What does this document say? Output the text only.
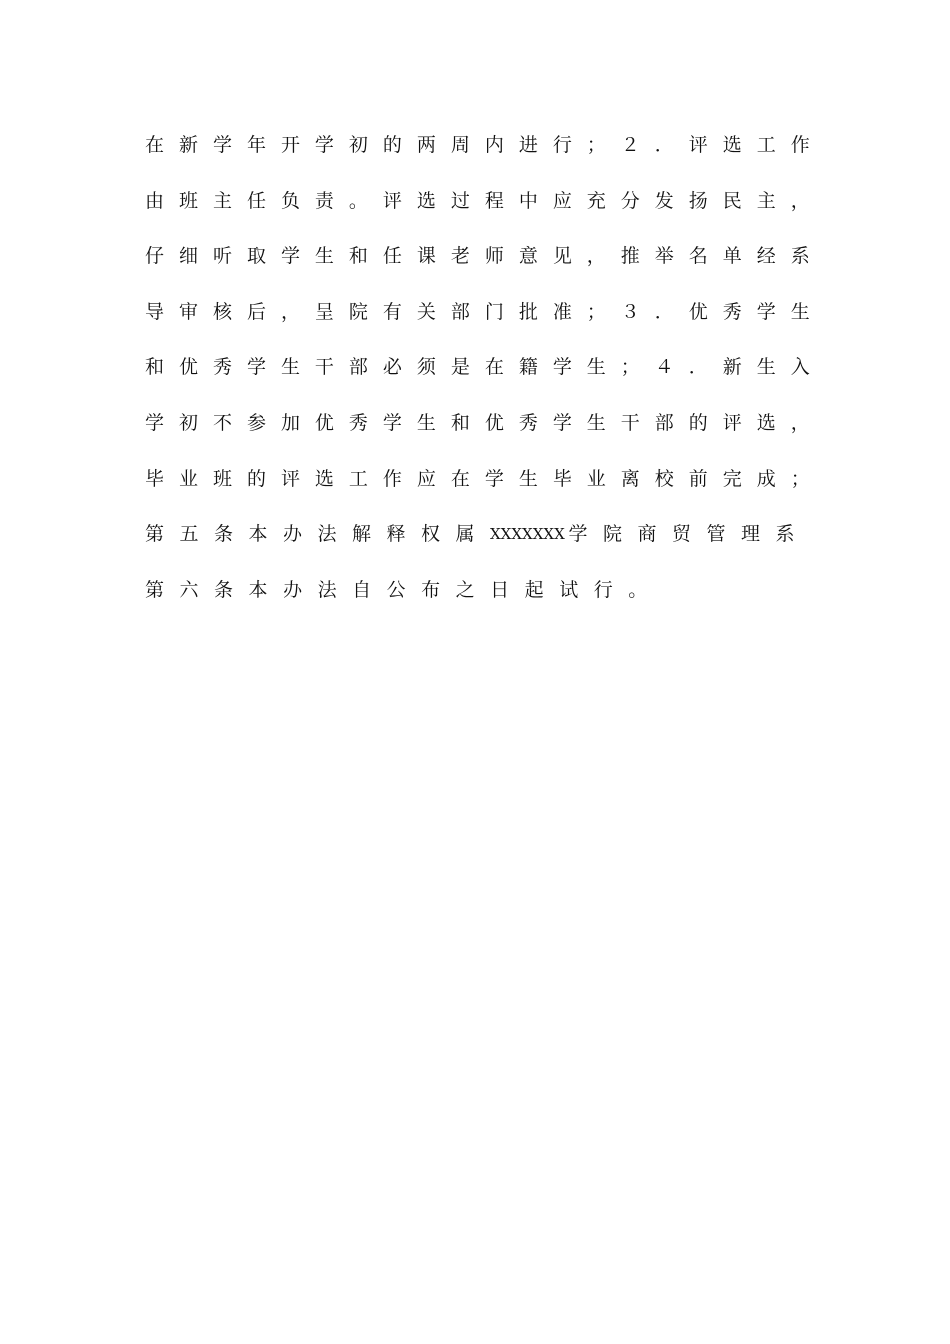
在 新 学 年 开 学 初 的 两 周 内 进 行 ； ２ ． 评 选 工 作
由 班 主 任 负 责 。 评 选 过 程 中 应 充 分 发 扬 民 主 ，
仔 细 听 取 学 生 和 任 课 老 师 意 见 ， 推 举 名 单 经 系
导 审 核 后 ， 呈 院 有 关 部 门 批 准 ； ３ ． 优 秀 学 生
和 优 秀 学 生 干 部 必 须 是 在 籍 学 生 ； ４ ． 新 生 入
学 初 不 参 加 优 秀 学 生 和 优 秀 学 生 干 部 的 评 选 ，
毕 业 班 的 评 选 工 作 应 在 学 生 毕 业 离 校 前 完 成 ；
第 五 条 本 办 法 解 释 权 属 XXXXXXX 学 院 商 贸 管 理 系
第 六 条 本 办 法 自 公 布 之 日 起 试 行 。
